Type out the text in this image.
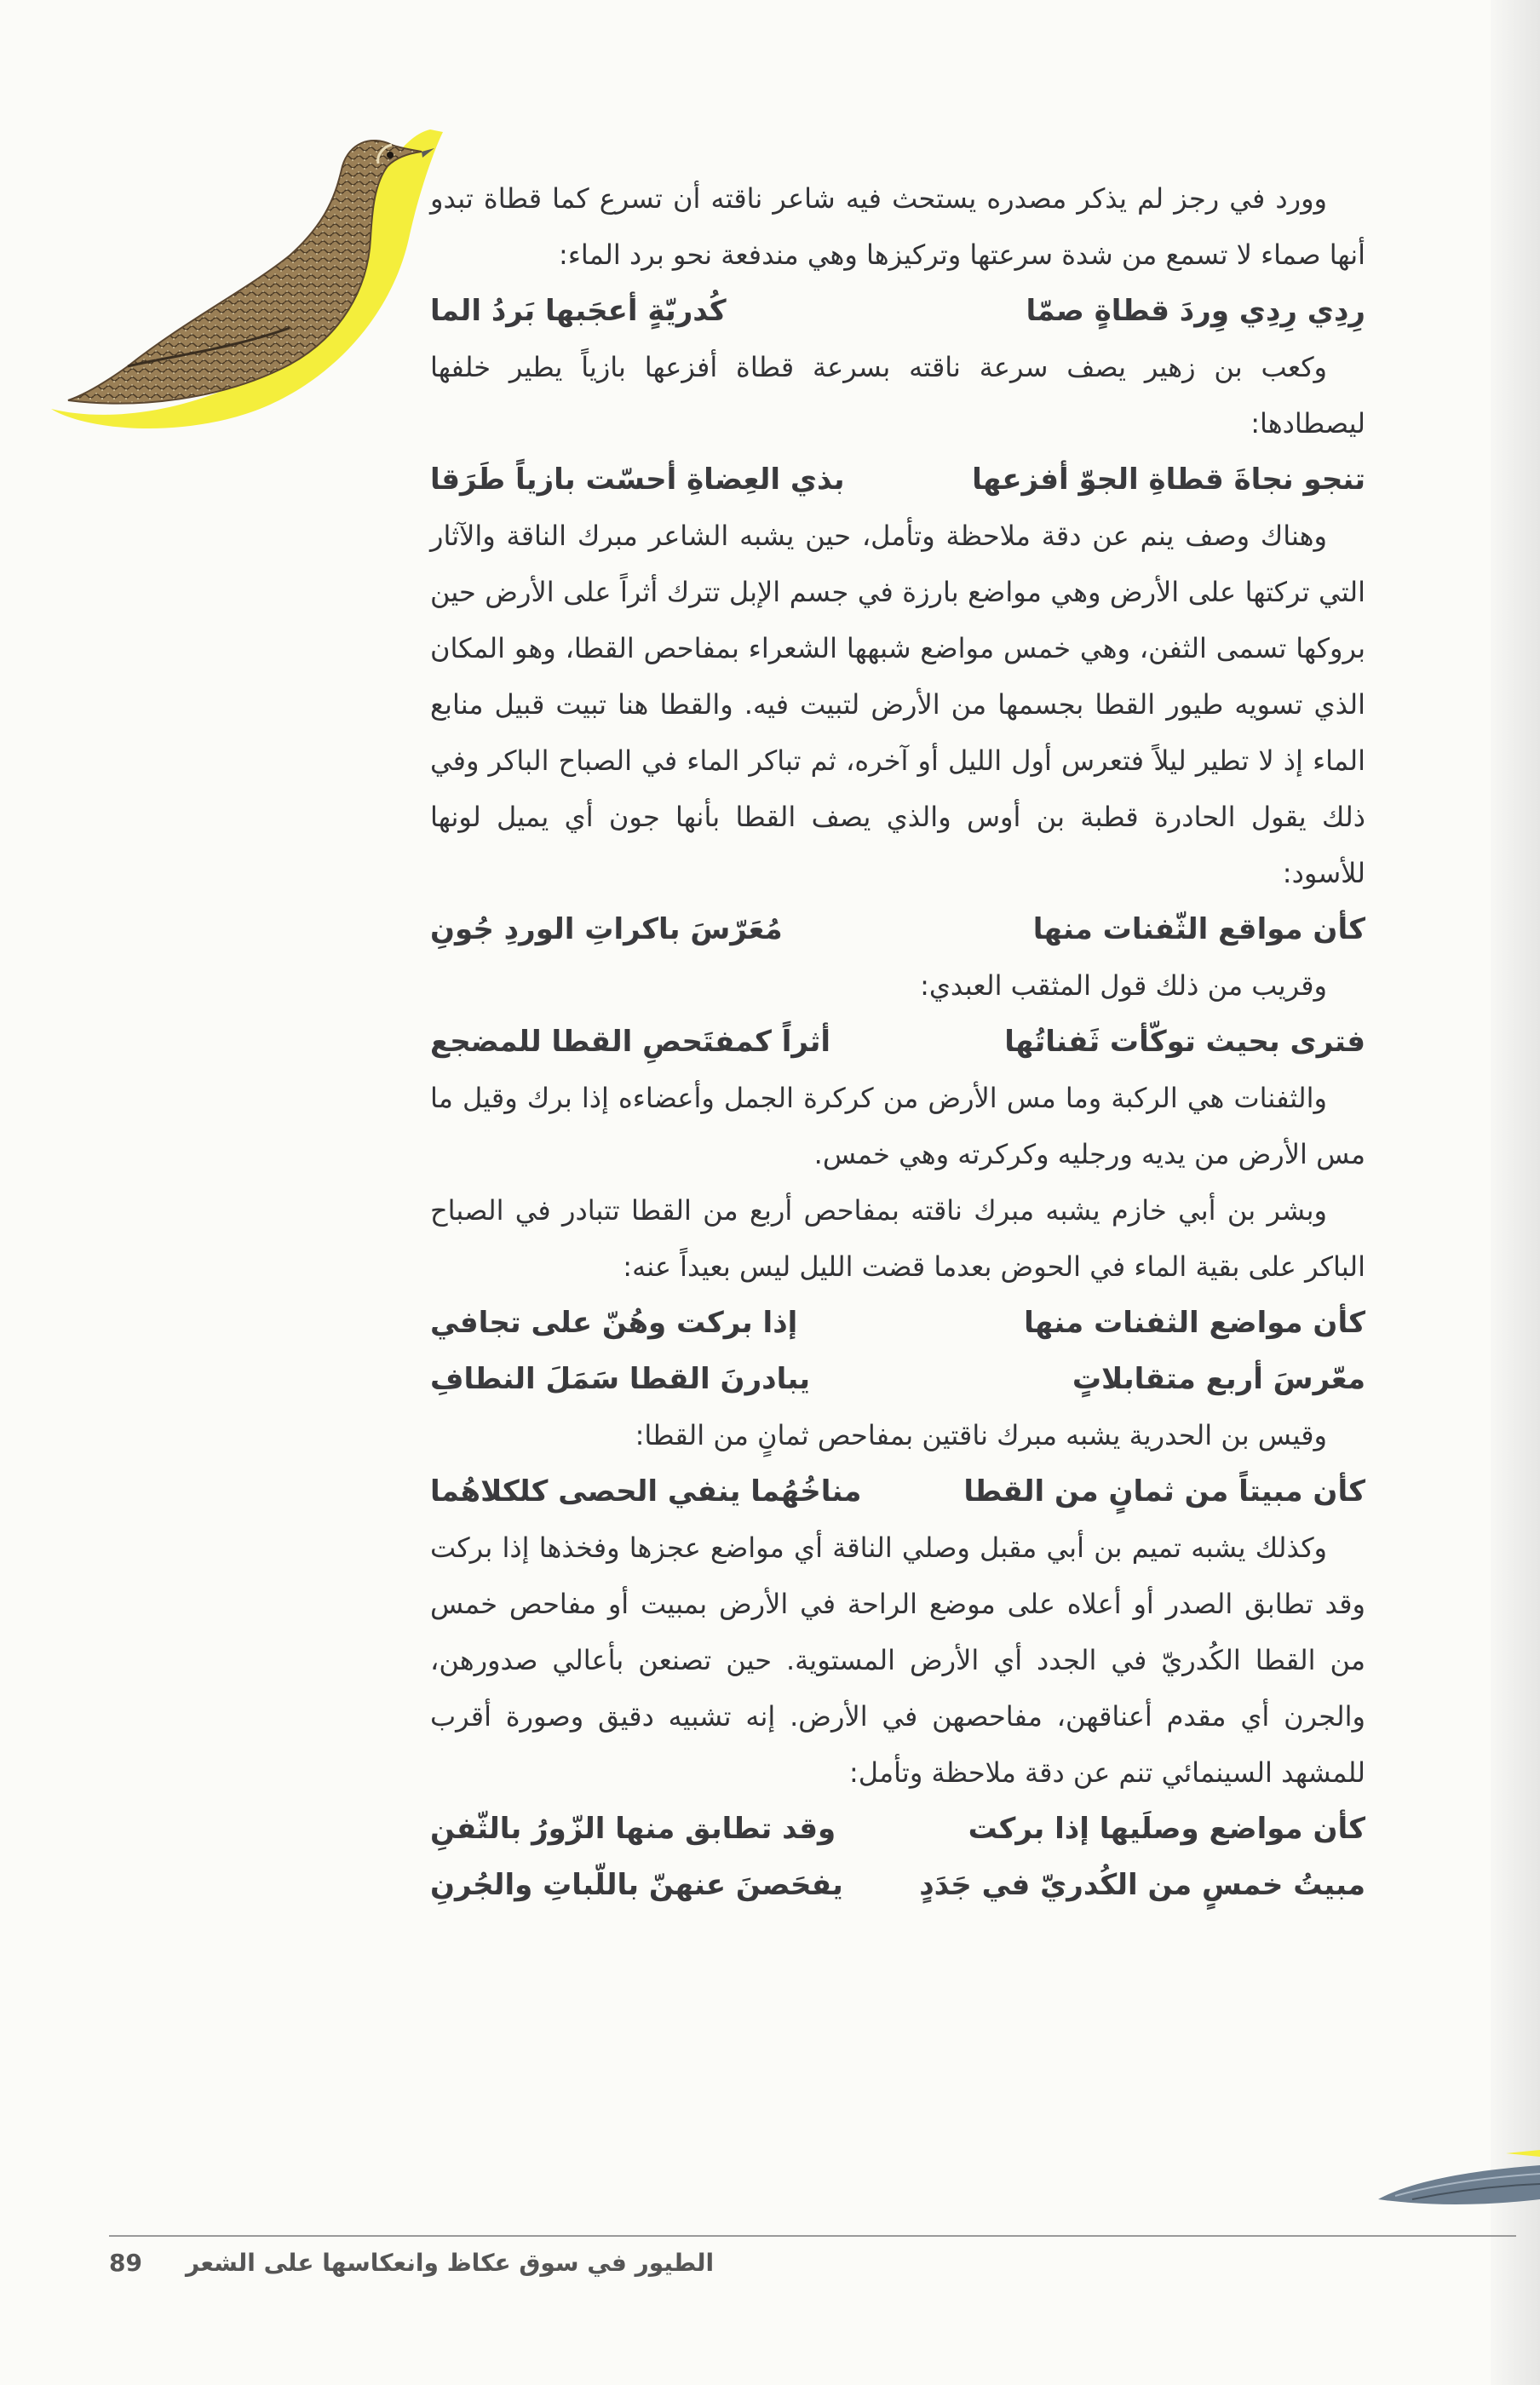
وورد في رجز لم يذكر مصدره يستحث فيه شاعر ناقته أن تسرع كما قطاة تبدو أنها صماء لا تسمع من شدة سرعتها وتركيزها وهي مندفعة نحو برد الماء:

رِدِي رِدِي وِردَ قطاةٍ صمّا
كُدريّةٍ أعجَبها بَردُ الما

وكعب بن زهير يصف سرعة ناقته بسرعة قطاة أفزعها بازياً يطير خلفها ليصطادها:

تنجو نجاةَ قطاةِ الجوّ أفزعها
بذي العِضاةِ أحسّت بازياً طَرَقا

وهناك وصف ينم عن دقة ملاحظة وتأمل، حين يشبه الشاعر مبرك الناقة والآثار التي تركتها على الأرض وهي مواضع بارزة في جسم الإبل تترك أثراً على الأرض حين بروكها تسمى الثفن، وهي خمس مواضع شبهها الشعراء بمفاحص القطا، وهو المكان الذي تسويه طيور القطا بجسمها من الأرض لتبيت فيه. والقطا هنا تبيت قبيل منابع الماء إذ لا تطير ليلاً فتعرس أول الليل أو آخره، ثم تباكر الماء في الصباح الباكر وفي ذلك يقول الحادرة قطبة بن أوس والذي يصف القطا بأنها جون أي يميل لونها للأسود:

كأن مواقع الثّفنات منها
مُعَرّسَ باكراتِ الوردِ جُونِ

وقريب من ذلك قول المثقب العبدي:

فترى بحيث توكّأت ثَفناتُها
أثراً كمفتَحصِ القطا للمضجع

والثفنات هي الركبة وما مس الأرض من كركرة الجمل وأعضاءه إذا برك وقيل ما مس الأرض من يديه ورجليه وكركرته وهي خمس.

وبشر بن أبي خازم يشبه مبرك ناقته بمفاحص أربع من القطا تتبادر في الصباح الباكر على بقية الماء في الحوض بعدما قضت الليل ليس بعيداً عنه:

كأن مواضع الثفنات منها
إذا بركت وهُنّ على تجافي
معّرسَ أربع متقابلاتٍ
يبادرنَ القطا سَمَلَ النطافِ

وقيس بن الحدرية يشبه مبرك ناقتين بمفاحص ثمانٍ من القطا:

كأن مبيتاً من ثمانٍ من القطا
مناخُهُما ينفي الحصى كلكلاهُما

وكذلك يشبه تميم بن أبي مقبل وصلي الناقة أي مواضع عجزها وفخذها إذا بركت وقد تطابق الصدر أو أعلاه على موضع الراحة في الأرض بمبيت أو مفاحص خمس من القطا الكُدريّ في الجدد أي الأرض المستوية. حين تصنعن بأعالي صدورهن، والجرن أي مقدم أعناقهن، مفاحصهن في الأرض. إنه تشبيه دقيق وصورة أقرب للمشهد السينمائي تنم عن دقة ملاحظة وتأمل:

كأن مواضع وصلَيها إذا بركت
وقد تطابق منها الزّورُ بالثّفنِ
مبيتُ خمسٍ من الكُدريّ في جَدَدٍ
يفحَصنَ عنهنّ باللّباتِ والجُرنِ
الطيور في سوق عكاظ وانعكاسها على الشعر
89
